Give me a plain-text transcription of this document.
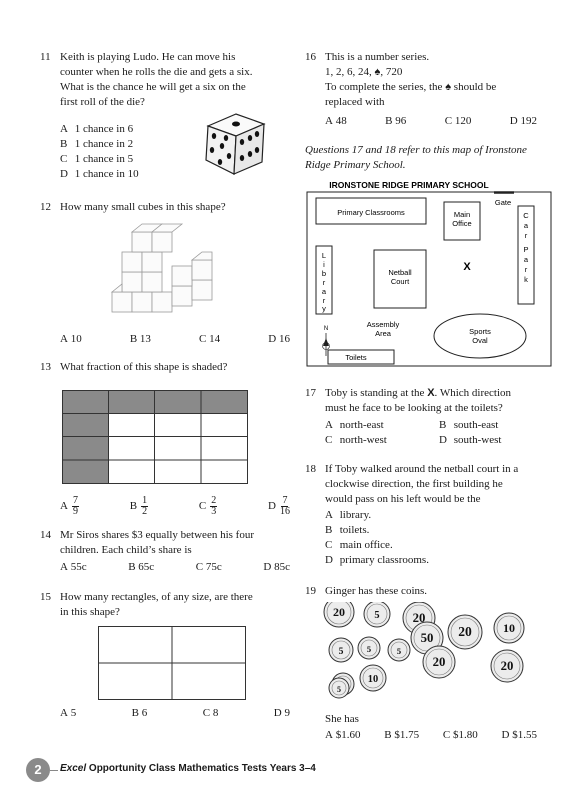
11 Keith is playing Ludo. He can move his
counter when he rolls the die and gets a six.
What is the chance he will get a six on the
first roll of the die?
A 1 chance in 6
B 1 chance in 2
C 1 chance in 5
D 1 chance in 10
12 How many small cubes in this shape?
A 10	B 13	C 14	D 16
13 What fraction of this shape is shaded?
A $\frac{7}{9}$	B $\frac{1}{2}$	C $\frac{2}{3}$	D $\frac{7}{16}$
14 Mr Siros shares $3 equally between his four
children. Each child’s share is
A 55c	B 65c	C 75c	D 85c
15 How many rectangles, of any size, are there
in this shape?
A 5	B 6	C 8	D 9
16 This is a number series.
1, 2, 6, 24, ♠, 720
To complete the series, the ♠ should be
replaced with
A 48	B 96	C 120	D 192
Questions 17 and 18 refer to this map of Ironstone
Ridge Primary School.
IRONSTONE RIDGE PRIMARY SCHOOL
Gate
Primary Classrooms	Main
Office
C
a
r
P
a
r
k
L
i
b
r
a
r
y
Netball
Court
X
Assembly
Area	Sports
Oval
Toilets
N
17 Toby is standing at the X. Which direction
must he face to be looking at the toilets?
A north-east	B south-east
C north-west	D south-west
18 If Toby walked around the netball court in a
clockwise direction, the first building he
would pass on his left would be the
A library.
B toilets.
C main office.
D primary classrooms.
19 Ginger has these coins.
20	5	20
50 20	10
5	5	5
20	20
5
10
She has
A $1.60 B $1.75 C $1.80 D $1.55
2	Excel Opportunity Class Mathematics Tests Years 3–4
